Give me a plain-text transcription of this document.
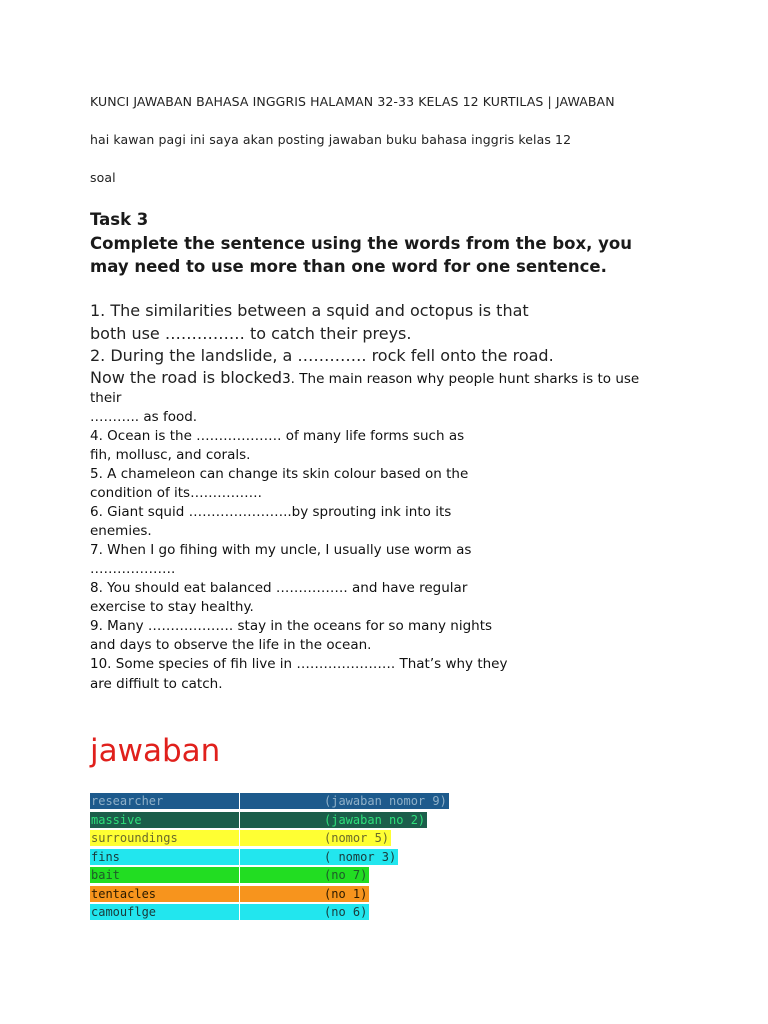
KUNCI JAWABAN BAHASA INGGRIS HALAMAN 32-33 KELAS 12 KURTILAS | JAWABAN
hai kawan pagi ini saya akan posting jawaban buku bahasa inggris kelas 12
soal
Task 3
Complete the sentence using the words from the box, you
may need to use more than one word for one sentence.
1. The similarities between a squid and octopus is that
both use …………… to catch their preys.
2. During the landslide, a …………. rock fell onto the road.
Now the road is blocked3. The main reason why people hunt sharks is to use
their
……….. as food.
4. Ocean is the ………………. of many life forms such as
fih, mollusc, and corals.
5. A chameleon can change its skin colour based on the
condition of its…………….
6. Giant squid …………………..by sprouting ink into its
enemies.
7. When I go fihing with my uncle, I usually use worm as
……………….
8. You should eat balanced ……………. and have regular
exercise to stay healthy.
9. Many ………………. stay in the oceans for so many nights
and days to observe the life in the ocean.
10. Some species of fih live in …………………. That’s why they
are diffiult to catch.
jawaban
researcher	(jawaban nomor 9)
massive	(jawaban no 2)
surroundings	(nomor 5)
fins	( nomor 3)
bait	(no 7)
tentacles	(no 1)
camouflge	(no 6)
